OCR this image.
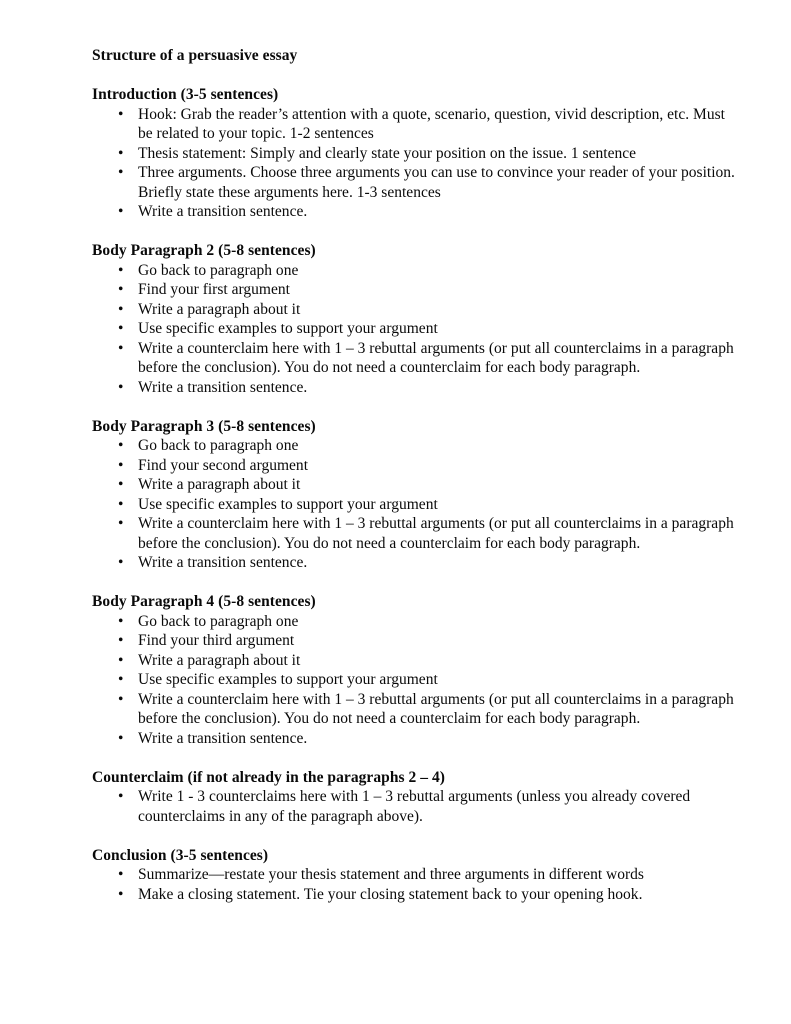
Structure of a persuasive essay

Introduction (3-5 sentences)
• Hook: Grab the reader’s attention with a quote, scenario, question, vivid description, etc. Must be related to your topic. 1-2 sentences
• Thesis statement: Simply and clearly state your position on the issue. 1 sentence
• Three arguments. Choose three arguments you can use to convince your reader of your position. Briefly state these arguments here. 1-3 sentences
• Write a transition sentence.

Body Paragraph 2 (5-8 sentences)
• Go back to paragraph one
• Find your first argument
• Write a paragraph about it
• Use specific examples to support your argument
• Write a counterclaim here with 1 – 3 rebuttal arguments (or put all counterclaims in a paragraph before the conclusion). You do not need a counterclaim for each body paragraph.
• Write a transition sentence.

Body Paragraph 3 (5-8 sentences)
• Go back to paragraph one
• Find your second argument
• Write a paragraph about it
• Use specific examples to support your argument
• Write a counterclaim here with 1 – 3 rebuttal arguments (or put all counterclaims in a paragraph before the conclusion). You do not need a counterclaim for each body paragraph.
• Write a transition sentence.

Body Paragraph 4 (5-8 sentences)
• Go back to paragraph one
• Find your third argument
• Write a paragraph about it
• Use specific examples to support your argument
• Write a counterclaim here with 1 – 3 rebuttal arguments (or put all counterclaims in a paragraph before the conclusion). You do not need a counterclaim for each body paragraph.
• Write a transition sentence.

Counterclaim (if not already in the paragraphs 2 – 4)
• Write 1 - 3 counterclaims here with 1 – 3 rebuttal arguments (unless you already covered counterclaims in any of the paragraph above).

Conclusion (3-5 sentences)
• Summarize—restate your thesis statement and three arguments in different words
• Make a closing statement. Tie your closing statement back to your opening hook.
